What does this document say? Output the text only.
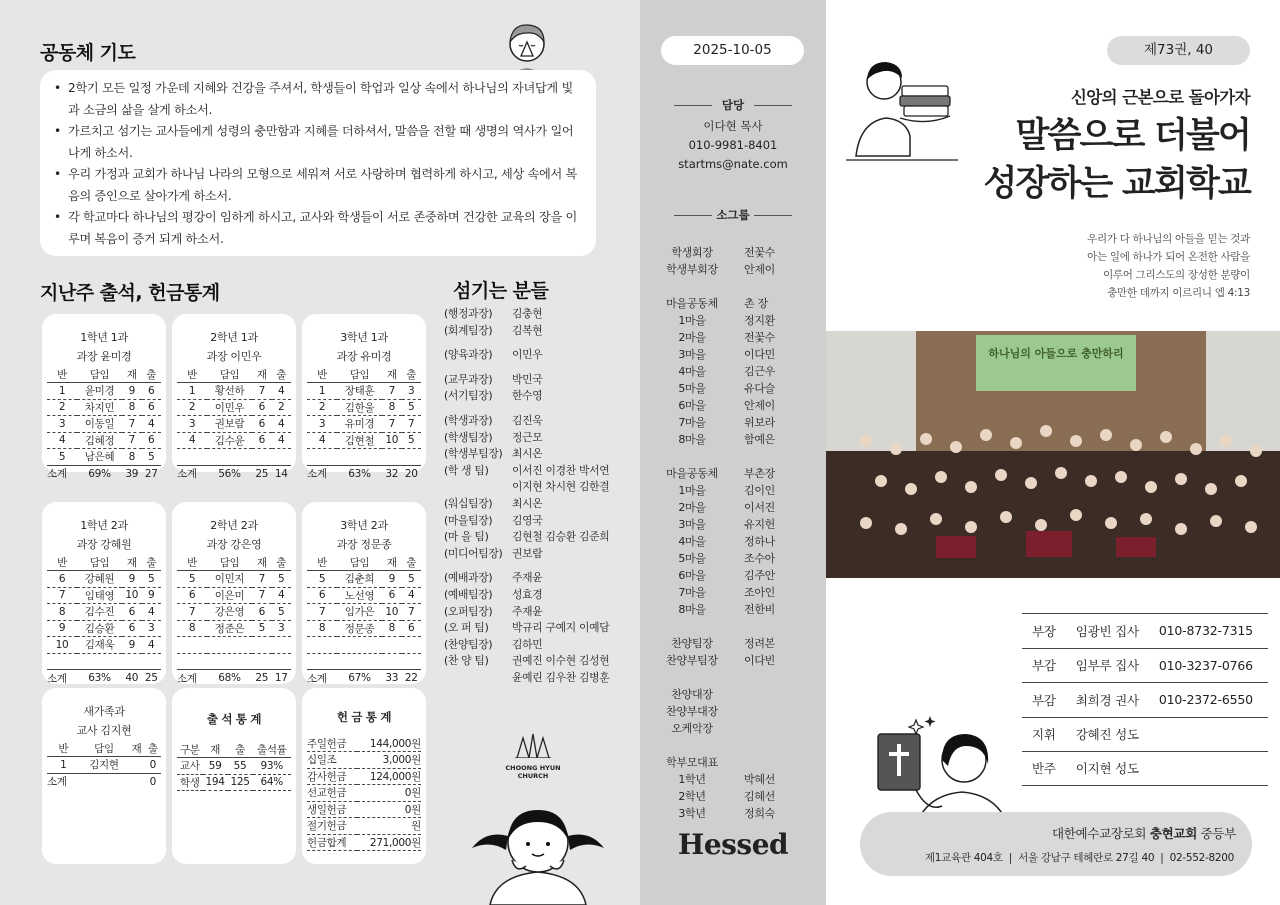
공동체 기도
• 2학기 모든 일정 가운데 지혜와 건강을 주셔서, 학생들이 학업과 일상 속에서 하나님의 자녀답게 빛과 소금의 삶을 살게 하소서.
• 가르치고 섬기는 교사들에게 성령의 충만함과 지혜를 더하셔서, 말씀을 전할 때 생명의 역사가 일어나게 하소서.
• 우리 가정과 교회가 하나님 나라의 모형으로 세워져 서로 사랑하며 협력하게 하시고, 세상 속에서 복음의 증인으로 살아가게 하소서.
• 각 학교마다 하나님의 평강이 임하게 하시고, 교사와 학생들이 서로 존중하며 건강한 교육의 장을 이루며 복음이 증거 되게 하소서.
지난주 출석, 헌금통계
출 석 통 계
구분	재	출	출석률
교사	59	55	93%
학생	194	125	64%
헌 금 통 계
주일헌금	144,000원
십일조	3,000원
감사헌금	124,000원
선교헌금	0원
생일헌금	0원
절기헌금	원
헌금합계	271,000원
섬기는 분들
(행정과장)	김충현
(회계팀장)	김복현
(양육과장)	이민우
(교무과장)	박민국
(서기팀장)	한수영
(학생과장)	김진욱
(학생팀장)	정근모
(학생부팀장) 최시온
(학 생 팀)	이서진 이경찬 박서연
이지현 차시현 김한결
(워십팀장)	최시온
(마을팀장)	김영국
(마 을 팀)	김현철 김승환 김준희
(미디어팀장) 권보람
(예배과장)	주재윤
(예배팀장)	성효경
(오퍼팀장)	주재윤
(오 퍼 팀)	박규리 구예지 이예담
(찬양팀장)	김하민
(찬 양 팀)	권예진 이수현 김성현
윤예린 김우찬 김병훈
CHOONG HYUN CHURCH
2025-10-05
담당
이다현 목사
010-9981-8401
startms@nate.com
소그룹
학생회장	전꽃수
학생부회장	안제이
마을공동체	촌 장
1마을	정지환
2마을	전꽃수
3마을	이다민
4마을	김근우
5마을	유다슬
6마을	안제이
7마을	위보라
8마을	함예은
마을공동체	부촌장
1마을	김이인
2마을	이서진
3마을	유지헌
4마을	정하나
5마을	조수아
6마을	김주안
7마을	조아인
8마을	전한비
찬양팀장	정려본
찬양부팀장	이다빈
찬양대장
찬양부대장
오케악장
학부모대표
1학년	박혜선
2학년	김혜선
3학년	정희숙
Hessed
제73권, 40
신앙의 근본으로 돌아가자
말씀으로 더불어
성장하는 교회학교
우리가 다 하나님의 아들을 믿는 것과
아는 일에 하나가 되어 온전한 사람을
이루어 그리스도의 장성한 분량이
충만한 데까지 이르리니 엡 4:13
하나님의 아들으로 충만하리
부장 임광빈 집사 010-8732-7315
부감 임부루 집사 010-3237-0766
부감 최희경 권사 010-2372-6550
지휘 강혜진 성도
반주 이지현 성도
대한예수교장로회 충현교회 중등부
제1교육관 404호  |  서울 강남구 테헤란로 27길 40  |  02-552-8200
1학년 1과
과장 윤미경
반	담임	재	출
1	윤미경	9	6
2	차지민	8	6
3	이동일	7	4
4	김혜정	7	6
5	남은혜	8	5
소계	69%	39	27
2학년 1과
과장 이민우
반	담임	재	출
1	황선하	7	4
2	이민우	6	2
3	권보람	6	4
4	김수윤	6	4

소계	56%	25	14
3학년 1과
과장 유미경
반	담임	재	출
1	장태훈	7	3
2	김한울	8	5
3	유미경	7	7
4	김현철	10	5

소계	63%	32	20
1학년 2과
과장 강혜원
반	담임	재	출
6	강혜원	9	5
7	임태영	10	9
8	김수진	6	4
9	김승환	6	3
10	김재욱	9	4

소계	63%	40	25
2학년 2과
과장 강은영
반	담임	재	출
5	이민지	7	5
6	이은미	7	4
7	강은영	6	5
8	정준은	5	3

소계	68%	25	17
3학년 2과
과장 정문종
반	담임	재	출
5	김춘희	9	5
6	노선영	6	4
7	임가은	10	7
8	정문종	8	6

소계	67%	33	22
새가족과
교사 김지현
반	담임	재	출
1	김지현		0
소계			0
